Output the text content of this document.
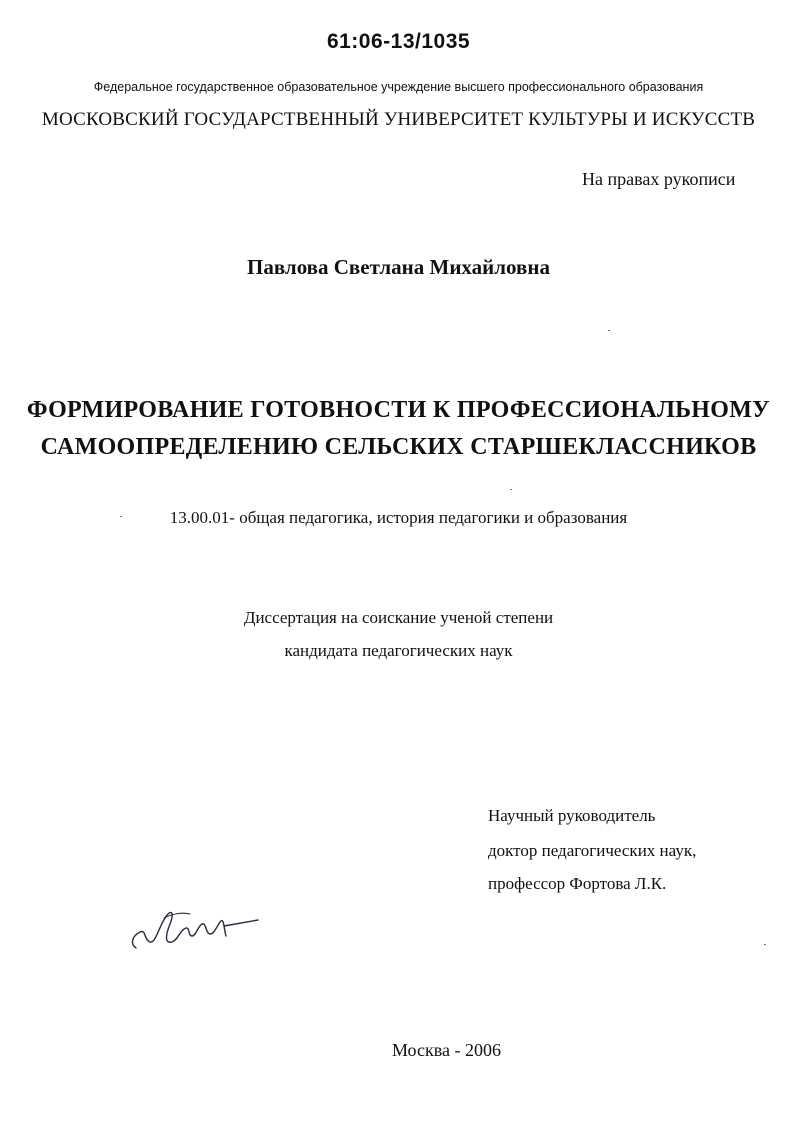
61:06-13/1035
Федеральное государственное образовательное учреждение высшего профессионального образования
МОСКОВСКИЙ ГОСУДАРСТВЕННЫЙ УНИВЕРСИТЕТ КУЛЬТУРЫ И ИСКУССТВ
На правах рукописи
Павлова Светлана Михайловна
ФОРМИРОВАНИЕ ГОТОВНОСТИ К ПРОФЕССИОНАЛЬНОМУ
САМООПРЕДЕЛЕНИЮ СЕЛЬСКИХ СТАРШЕКЛАССНИКОВ
13.00.01- общая педагогика, история педагогики и образования
Диссертация на соискание ученой степени
кандидата педагогических наук
Научный руководитель
доктор педагогических наук,
профессор Фортова Л.К.
Москва - 2006
